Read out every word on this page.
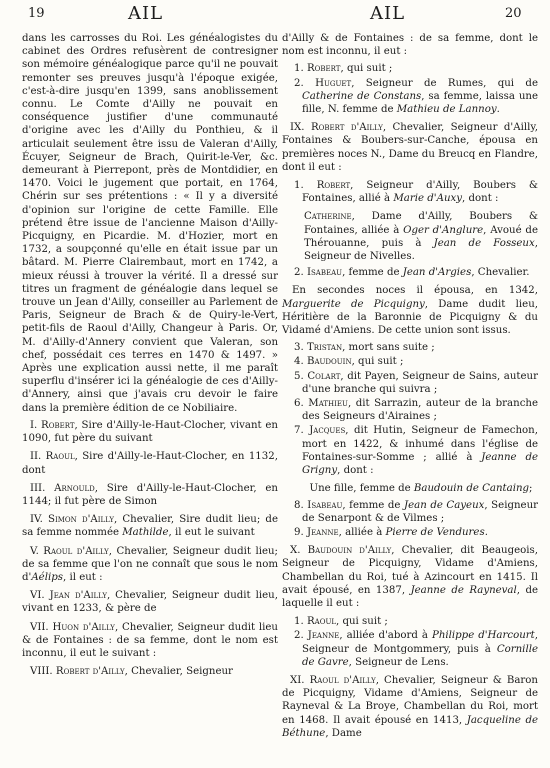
19	AIL	AIL	20

dans les carrosses du Roi. Les généalogistes du cabinet des Ordres refusèrent de contresigner son mémoire généalogique parce qu'il ne pouvait remonter ses preuves jusqu'à l'époque exigée, c'est-à-dire jusqu'en 1399, sans anoblissement connu. Le Comte d'Ailly ne pouvait en conséquence justifier d'une communauté d'origine avec les d'Ailly du Ponthieu, & il articulait seulement être issu de Valeran d'Ailly, Écuyer, Seigneur de Brach, Quirit-le-Ver, &c. demeurant à Pierrepont, près de Montdidier, en 1470. Voici le jugement que portait, en 1764, Chérin sur ses prétentions : « Il y a diversité d'opinion sur l'origine de cette Famille. Elle prétend être issue de l'ancienne Maison d'Ailly-Picquigny, en Picardie. M. d'Hozier, mort en 1732, a soupçonné qu'elle en était issue par un bâtard. M. Pierre Clairembaut, mort en 1742, a mieux réussi à trouver la vérité. Il a dressé sur titres un fragment de généalogie dans lequel se trouve un Jean d'Ailly, conseiller au Parlement de Paris, Seigneur de Brach & de Quiry-le-Vert, petit-fils de Raoul d'Ailly, Changeur à Paris. Or, M. d'Ailly-d'Annery convient que Valeran, son chef, possédait ces terres en 1470 & 1497. » Après une explication aussi nette, il me paraît superflu d'insérer ici la généalogie de ces d'Ailly-d'Annery, ainsi que j'avais cru devoir le faire dans la première édition de ce Nobiliaire.

I. Robert, Sire d'Ailly-le-Haut-Clocher, vivant en 1090, fut père du suivant
II. Raoul, Sire d'Ailly-le-Haut-Clocher, en 1132, dont
III. Arnould, Sire d'Ailly-le-Haut-Clocher, en 1144; il fut père de Simon
IV. Simon d'Ailly, Chevalier, Sire dudit lieu; de sa femme nommée Mathilde, il eut le suivant
V. Raoul d'Ailly, Chevalier, Seigneur dudit lieu; de sa femme que l'on ne connaît que sous le nom d'Aélips, il eut :
VI. Jean d'Ailly, Chevalier, Seigneur dudit lieu, vivant en 1233, & père de
VII. Huon d'Ailly, Chevalier, Seigneur dudit lieu & de Fontaines : de sa femme, dont le nom est inconnu, il eut le suivant :
VIII. Robert d'Ailly, Chevalier, Seigneur

d'Ailly & de Fontaines : de sa femme, dont le nom est inconnu, il eut :

1. Robert, qui suit ;
2. Huguet, Seigneur de Rumes, qui de Catherine de Constans, sa femme, laissa une fille, N. femme de Mathieu de Lannoy.
IX. Robert d'Ailly, Chevalier, Seigneur d'Ailly, Fontaines & Boubers-sur-Canche, épousa en premières noces N., Dame du Breucq en Flandre, dont il eut :
1. Robert, Seigneur d'Ailly, Boubers & Fontaines, allié à Marie d'Auxy, dont :
Catherine, Dame d'Ailly, Boubers & Fontaines, alliée à Oger d'Anglure, Avoué de Thérouanne, puis à Jean de Fosseux, Seigneur de Nivelles.
2. Isabeau, femme de Jean d'Argies, Chevalier.

En secondes noces il épousa, en 1342, Marguerite de Picquigny, Dame dudit lieu, Héritière de la Baronnie de Picquigny & du Vidamé d'Amiens. De cette union sont issus.

3. Tristan, mort sans suite ;
4. Baudouin, qui suit ;
5. Colart, dit Payen, Seigneur de Sains, auteur d'une branche qui suivra ;
6. Mathieu, dit Sarrazin, auteur de la branche des Seigneurs d'Airaines ;
7. Jacques, dit Hutin, Seigneur de Famechon, mort en 1422, & inhumé dans l'église de Fontaines-sur-Somme ; allié à Jeanne de Grigny, dont :
Une fille, femme de Baudouin de Cantaing;
8. Isabeau, femme de Jean de Cayeux, Seigneur de Senarpont & de Vilmes ;
9. Jeanne, alliée à Pierre de Vendures.
X. Baudouin d'Ailly, Chevalier, dit Beaugeois, Seigneur de Picquigny, Vidame d'Amiens, Chambellan du Roi, tué à Azincourt en 1415. Il avait épousé, en 1387, Jeanne de Rayneval, de laquelle il eut :
1. Raoul, qui suit ;
2. Jeanne, alliée d'abord à Philippe d'Harcourt, Seigneur de Montgommery, puis à Cornille de Gavre, Seigneur de Lens.
XI. Raoul d'Ailly, Chevalier, Seigneur & Baron de Picquigny, Vidame d'Amiens, Seigneur de Rayneval & La Broye, Chambellan du Roi, mort en 1468. Il avait épousé en 1413, Jacqueline de Béthune, Dame
